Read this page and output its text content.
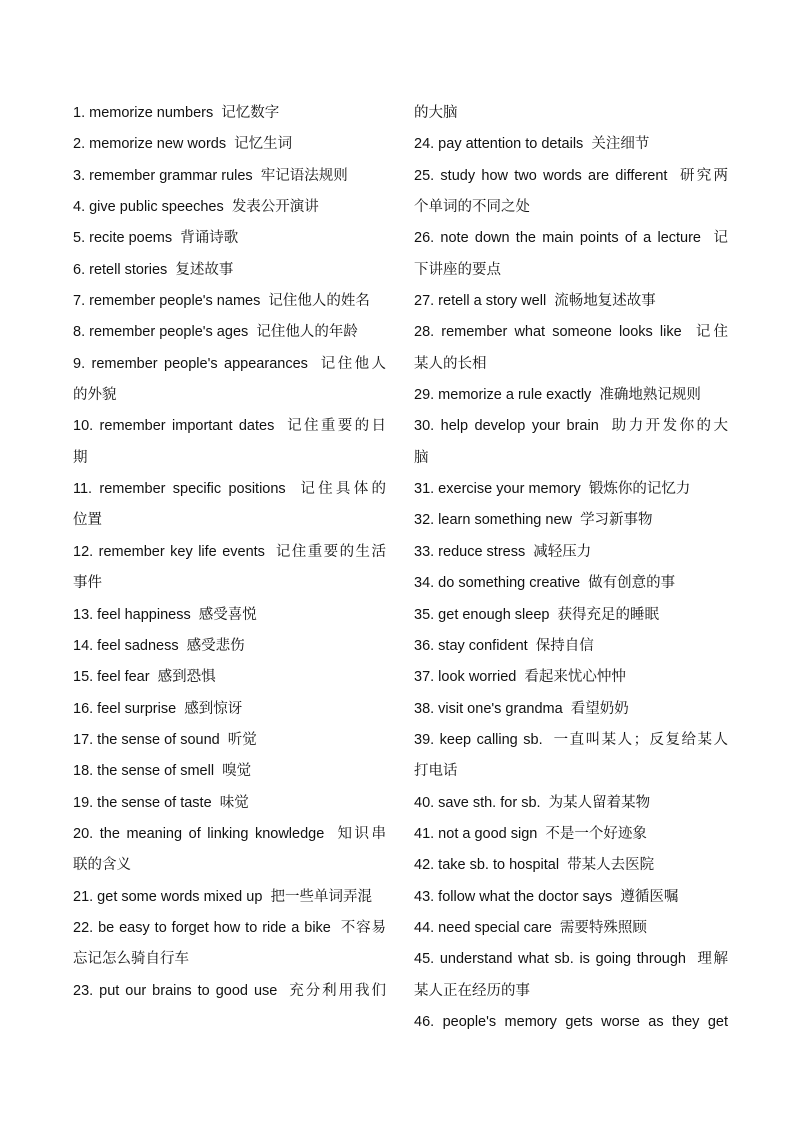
1. memorize numbers 记忆数字
2. memorize new words 记忆生词
3. remember grammar rules 牢记语法规则
4. give public speeches 发表公开演讲
5. recite poems 背诵诗歌
6. retell stories 复述故事
7. remember people's names 记住他人的姓名
8. remember people's ages 记住他人的年龄
9. remember people's appearances 记住他人
的外貌
10. remember important dates 记住重要的日
期
11. remember specific positions 记住具体的
位置
12. remember key life events 记住重要的生活
事件
13. feel happiness 感受喜悦
14. feel sadness 感受悲伤
15. feel fear 感到恐惧
16. feel surprise 感到惊讶
17. the sense of sound 听觉
18. the sense of smell 嗅觉
19. the sense of taste 味觉
20. the meaning of linking knowledge 知识串
联的含义
21. get some words mixed up 把一些单词弄混
22. be easy to forget how to ride a bike 不容易
忘记怎么骑自行车
23. put our brains to good use 充分利用我们
的大脑
24. pay attention to details 关注细节
25. study how two words are different 研究两
个单词的不同之处
26. note down the main points of a lecture 记
下讲座的要点
27. retell a story well 流畅地复述故事
28. remember what someone looks like 记住
某人的长相
29. memorize a rule exactly 准确地熟记规则
30. help develop your brain 助力开发你的大
脑
31. exercise your memory 锻炼你的记忆力
32. learn something new 学习新事物
33. reduce stress 减轻压力
34. do something creative 做有创意的事
35. get enough sleep 获得充足的睡眠
36. stay confident 保持自信
37. look worried 看起来忧心忡忡
38. visit one's grandma 看望奶奶
39. keep calling sb. 一直叫某人；反复给某人
打电话
40. save sth. for sb. 为某人留着某物
41. not a good sign 不是一个好迹象
42. take sb. to hospital 带某人去医院
43. follow what the doctor says 遵循医嘱
44. need special care 需要特殊照顾
45. understand what sb. is going through 理解
某人正在经历的事
46. people's memory gets worse as they get
